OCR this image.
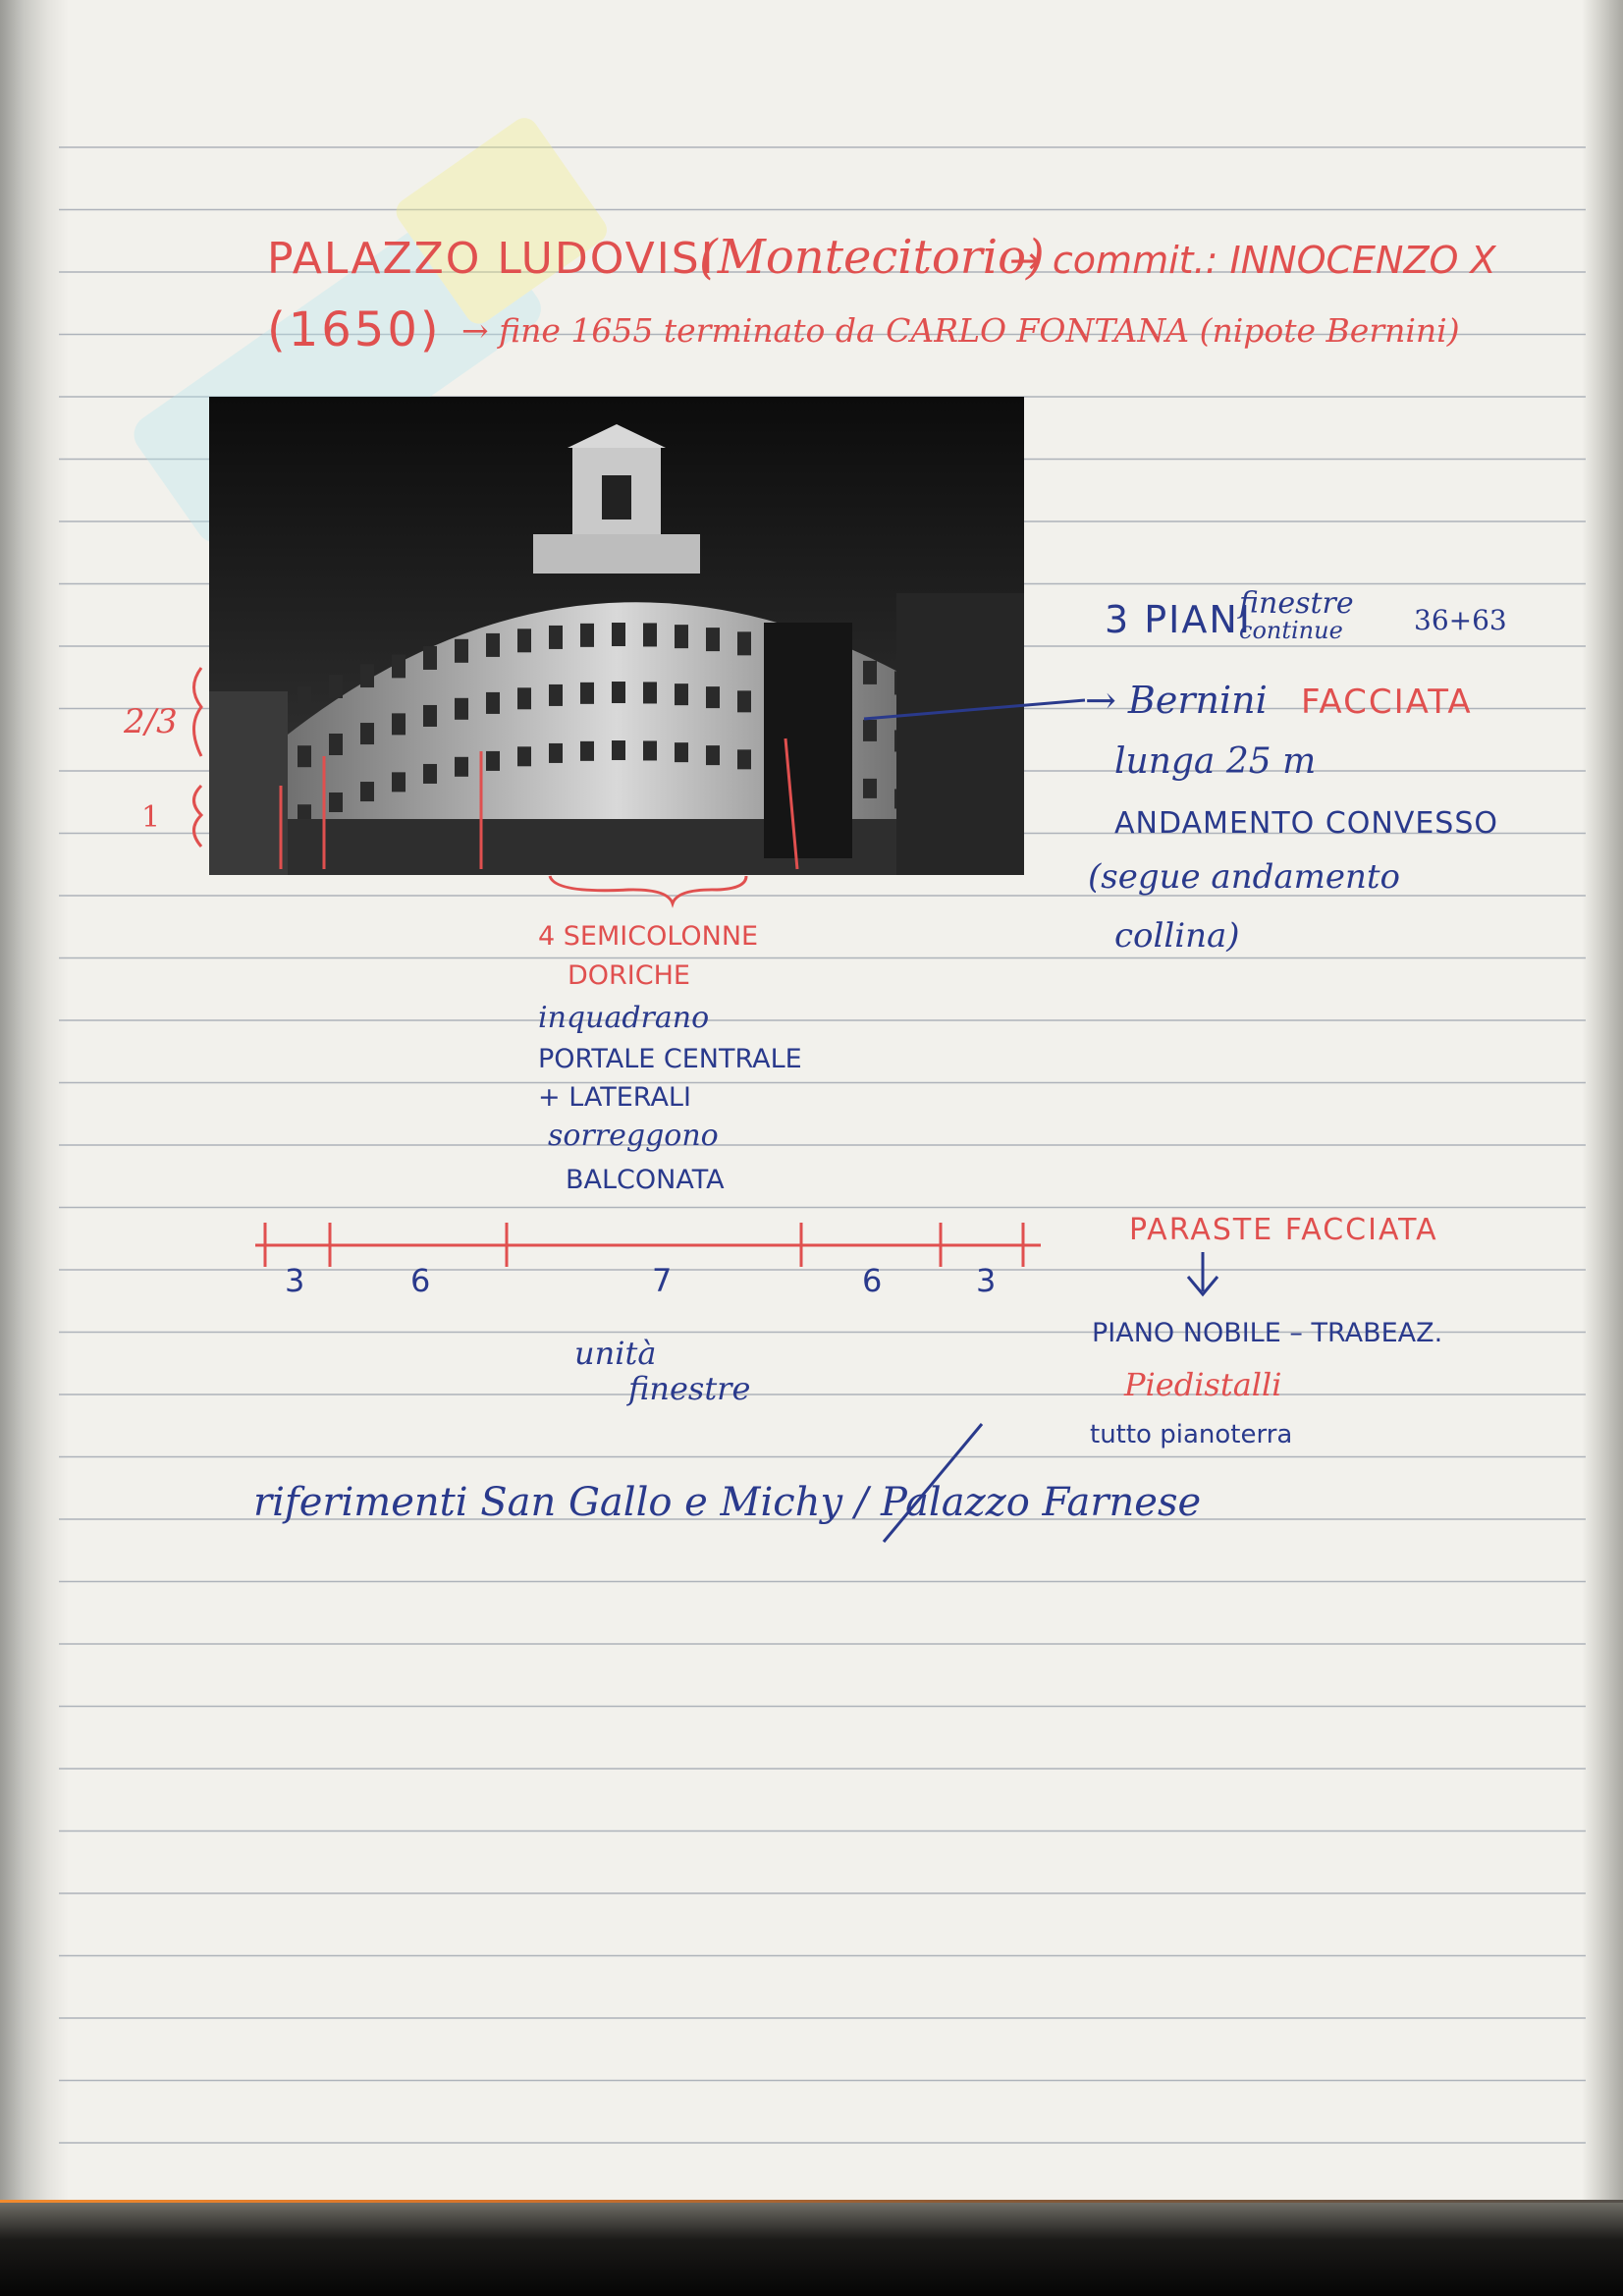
PALAZZO LUDOVISI
(Montecitorio)
→ commit.: INNOCENZO X
(1650) → fine 1655 terminato da CARLO FONTANA (nipote Bernini)
2/3
1
3 PIANI
finestre
continue	36+63
→ Bernini FACCIATA
lunga 25 m
ANDAMENTO CONVESSO
(segue andamento
collina)
4 SEMICOLONNE
DORICHE
inquadrano
PORTALE CENTRALE
+ LATERALI
sorreggono
BALCONATA
3	6	7	6	3
unità
finestre
PARASTE FACCIATA
PIANO NOBILE – TRABEAZ.
Piedistalli
tutto pianoterra
riferimenti San Gallo e Michy / Palazzo Farnese
